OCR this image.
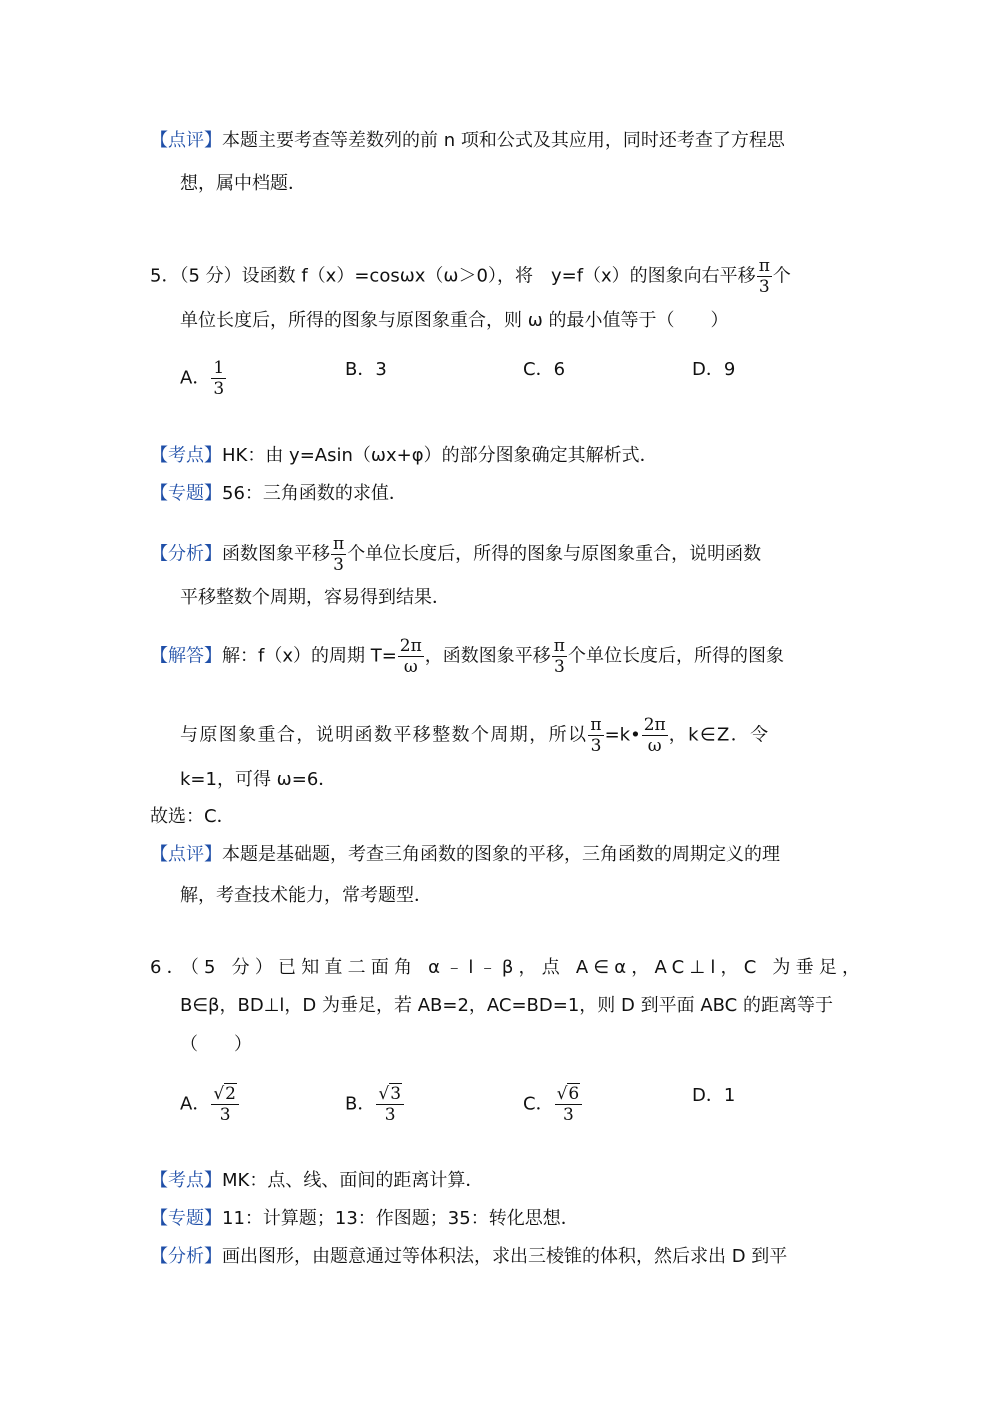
【点评】本题主要考查等差数列的前 n 项和公式及其应用，同时还考查了方程思
想，属中档题．
5．（5 分）设函数 f（x）=cosωx（ω＞0），将　y=f（x）的图象向右平移 $\frac{\pi}{3}$ 个
单位长度后，所得的图象与原图象重合，则 ω 的最小值等于（　　）
A． $\frac{1}{3}$	B．3	C．6	D．9
【考点】HK：由 y=Asin（ωx+φ）的部分图象确定其解析式．
【专题】56：三角函数的求值．
【分析】函数图象平移 $\frac{\pi}{3}$ 个单位长度后，所得的图象与原图象重合，说明函数
平移整数个周期，容易得到结果．
【解答】解：f（x）的周期 $T= \frac{2\pi}{\omega}$ ，函数图象平移 $\frac{\pi}{3}$ 个单位长度后，所得的图象
与原图象重合，说明函数平移整数个周期，所以 $\frac{\pi}{3}$ =k• $\frac{2\pi}{\omega}$ ，k∈Z．令
k=1，可得 ω=6．
故选：C．
【点评】本题是基础题，考查三角函数的图象的平移，三角函数的周期定义的理
解，考查技术能力，常考题型．
6．（5 分）已知直二面角 α﹣l﹣β，点 A∈α，AC⊥l，C 为垂足，
B∈β，BD⊥l，D 为垂足，若 AB=2，AC=BD=1，则 D 到平面 ABC 的距离等于
（　　）
A． $\frac{√2}{3}$	B． $\frac{√3}{3}$	C． $\frac{√6}{3}$	D．1
【考点】MK：点、线、面间的距离计算．
【专题】11：计算题；13：作图题；35：转化思想．
【分析】画出图形，由题意通过等体积法，求出三棱锥的体积，然后求出 D 到平
